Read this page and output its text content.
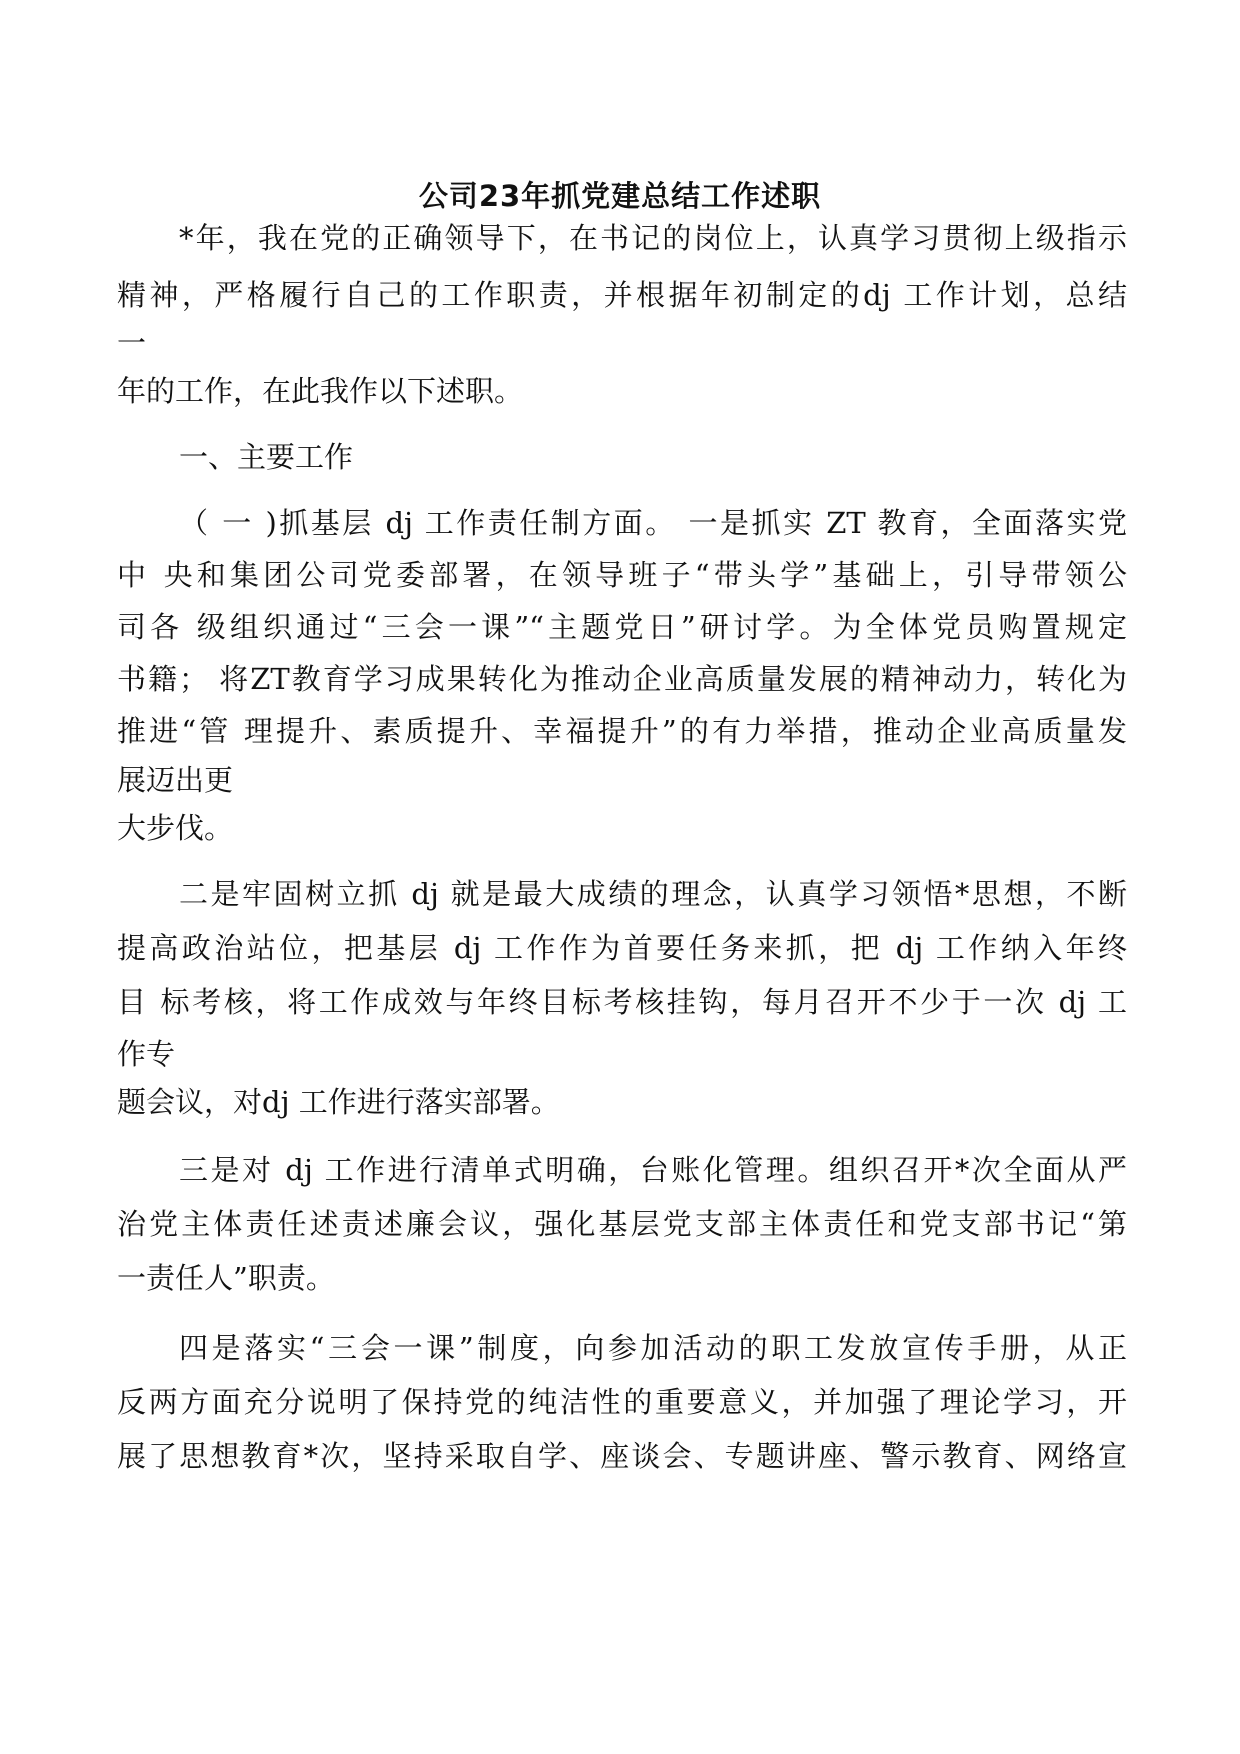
公司23年抓党建总结工作述职
*年，我在党的正确领导下，在书记的岗位上，认真学习贯彻上级指示
精神，严格履行自己的工作职责，并根据年初制定的dj 工作计划，总结
一
年的工作，在此我作以下述职。
一、主要工作
（ 一 )抓基层 dj 工作责任制方面。 一是抓实 ZT 教育，全面落实党
中 央和集团公司党委部署，在领导班子“带头学”基础上，引导带领公
司各 级组织通过“三会一课”“主题党日”研讨学。为全体党员购置规定
书籍； 将ZT教育学习成果转化为推动企业高质量发展的精神动力，转化为
推进“管 理提升、素质提升、幸福提升”的有力举措，推动企业高质量发
展迈出更
大步伐。
二是牢固树立抓 dj 就是最大成绩的理念，认真学习领悟*思想，不断
提高政治站位，把基层 dj 工作作为首要任务来抓，把 dj 工作纳入年终
目 标考核，将工作成效与年终目标考核挂钩，每月召开不少于一次 dj 工
作专
题会议，对dj 工作进行落实部署。
三是对 dj 工作进行清单式明确，台账化管理。组织召开*次全面从严
治党主体责任述责述廉会议，强化基层党支部主体责任和党支部书记“第
一责任人”职责。
四是落实“三会一课”制度，向参加活动的职工发放宣传手册，从正
反两方面充分说明了保持党的纯洁性的重要意义，并加强了理论学习，开
展了思想教育*次，坚持采取自学、座谈会、专题讲座、警示教育、网络宣
